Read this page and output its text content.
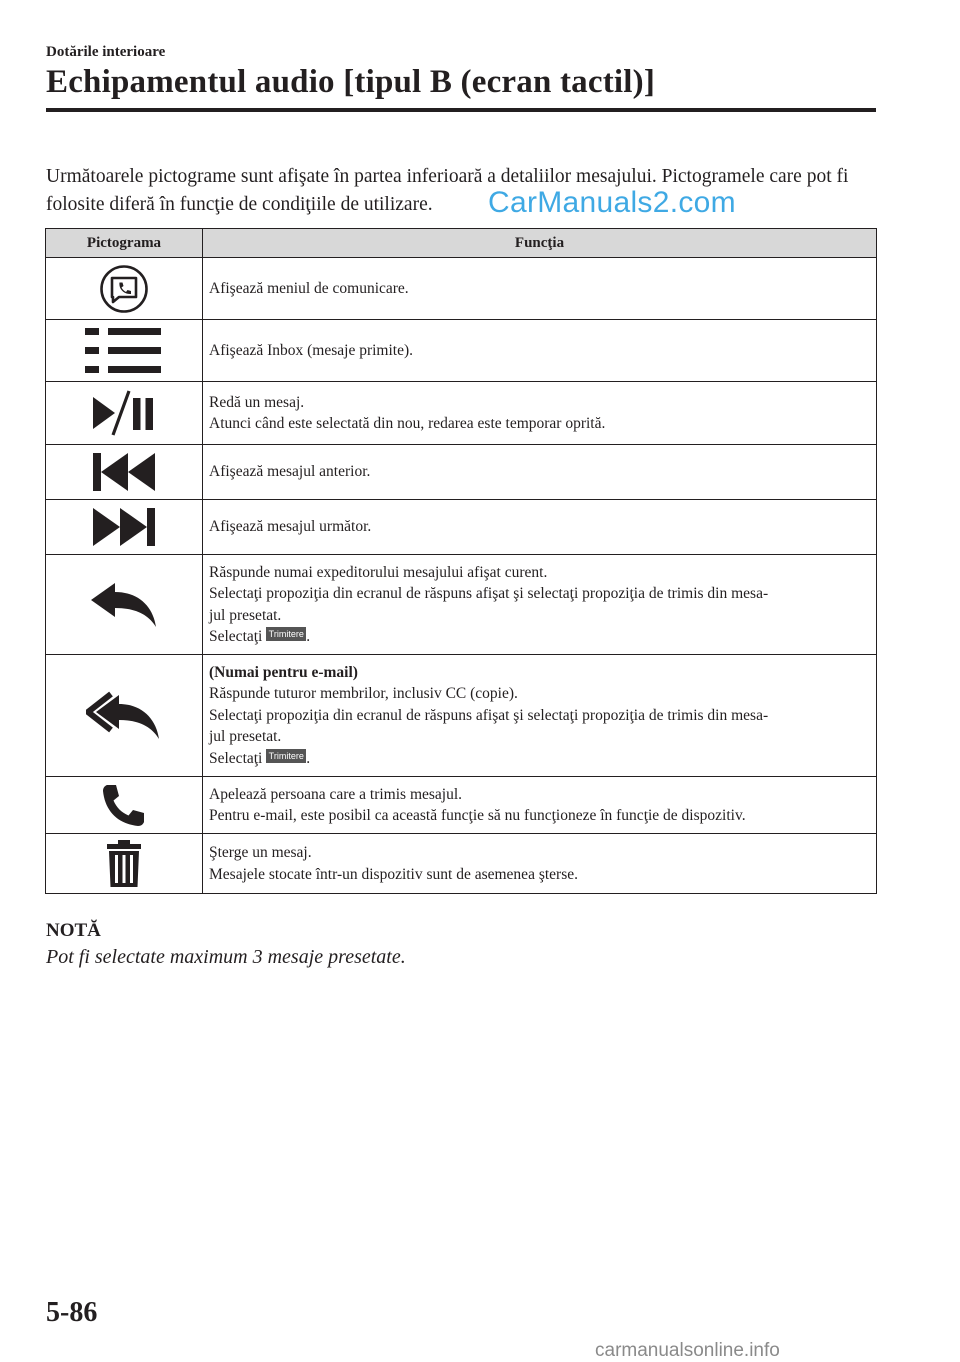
Dotările interioare
Echipamentul audio [tipul B (ecran tactil)]
Următoarele pictograme sunt afişate în partea inferioară a detaliilor mesajului. Pictogramele care pot fi folosite diferă în funcţie de condiţiile de utilizare.	CarManuals2.com
Pictograma	Funcţia

Afişează meniul de comunicare.

Afişează Inbox (mesaje primite).

Redă un mesaj.
Atunci când este selectată din nou, redarea este temporar oprită.

Afişează mesajul anterior.

Afişează mesajul următor.

Răspunde numai expeditorului mesajului afişat curent.
Selectaţi propoziţia din ecranul de răspuns afişat şi selectaţi propoziţia de trimis din mesa-
jul presetat.
Selectaţi Trimitere .

(Numai pentru e-mail)
Răspunde tuturor membrilor, inclusiv CC (copie).
Selectaţi propoziţia din ecranul de răspuns afişat şi selectaţi propoziţia de trimis din mesa-
jul presetat.
Selectaţi Trimitere .

Apelează persoana care a trimis mesajul.
Pentru e-mail, este posibil ca această funcţie să nu funcţioneze în funcţie de dispozitiv.

Şterge un mesaj.
Mesajele stocate într-un dispozitiv sunt de asemenea şterse.
NOTĂ
Pot fi selectate maximum 3 mesaje presetate.
5-86
carmanualsonline.info
